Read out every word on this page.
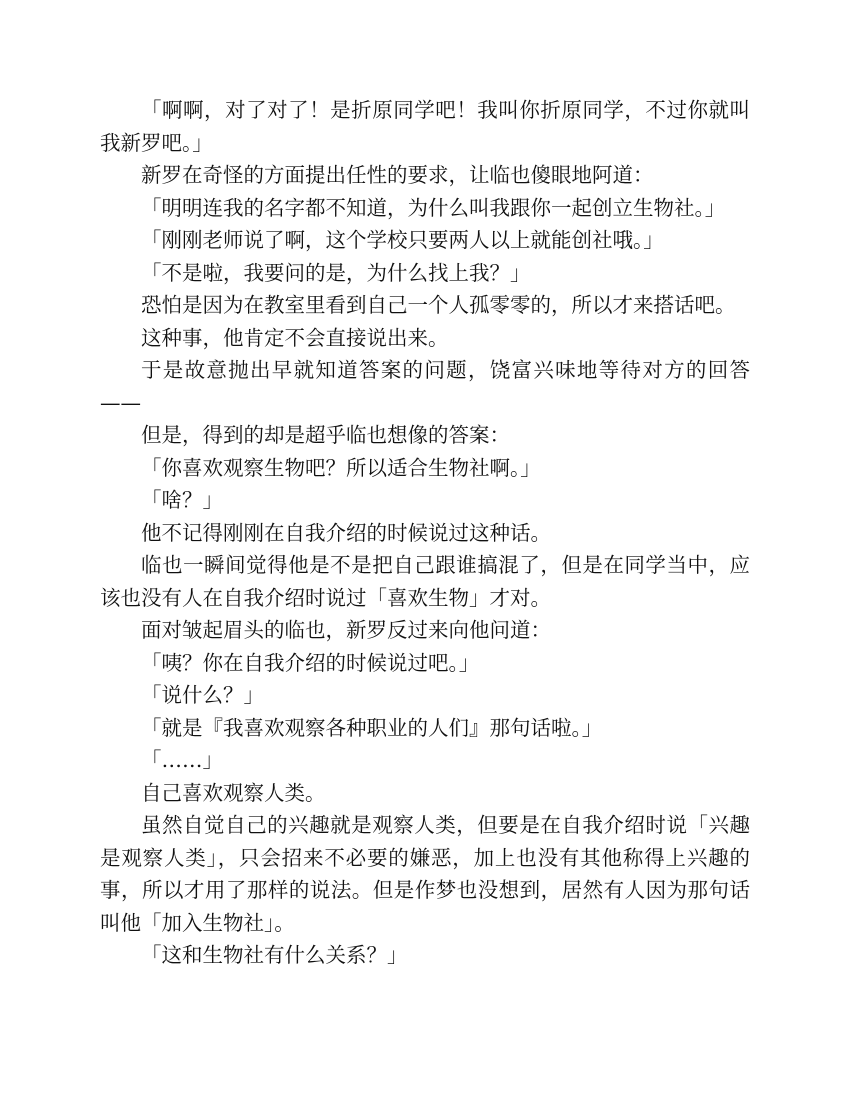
「啊啊，对了对了！是折原同学吧！我叫你折原同学，不过你就叫我新罗吧。」

新罗在奇怪的方面提出任性的要求，让临也傻眼地阿道：

「明明连我的名字都不知道，为什么叫我跟你一起创立生物社。」

「刚刚老师说了啊，这个学校只要两人以上就能创社哦。」

「不是啦，我要问的是，为什么找上我？」

恐怕是因为在教室里看到自己一个人孤零零的，所以才来搭话吧。

这种事，他肯定不会直接说出来。

于是故意抛出早就知道答案的问题，饶富兴味地等待对方的回答——

但是，得到的却是超乎临也想像的答案：

「你喜欢观察生物吧？所以适合生物社啊。」

「啥？」

他不记得刚刚在自我介绍的时候说过这种话。

临也一瞬间觉得他是不是把自己跟谁搞混了，但是在同学当中，应该也没有人在自我介绍时说过「喜欢生物」才对。

面对皱起眉头的临也，新罗反过来向他问道：

「咦？你在自我介绍的时候说过吧。」

「说什么？」

「就是『我喜欢观察各种职业的人们』那句话啦。」

「……」

自己喜欢观察人类。

虽然自觉自己的兴趣就是观察人类，但要是在自我介绍时说「兴趣是观察人类」，只会招来不必要的嫌恶，加上也没有其他称得上兴趣的事，所以才用了那样的说法。但是作梦也没想到，居然有人因为那句话叫他「加入生物社」。

「这和生物社有什么关系？」
